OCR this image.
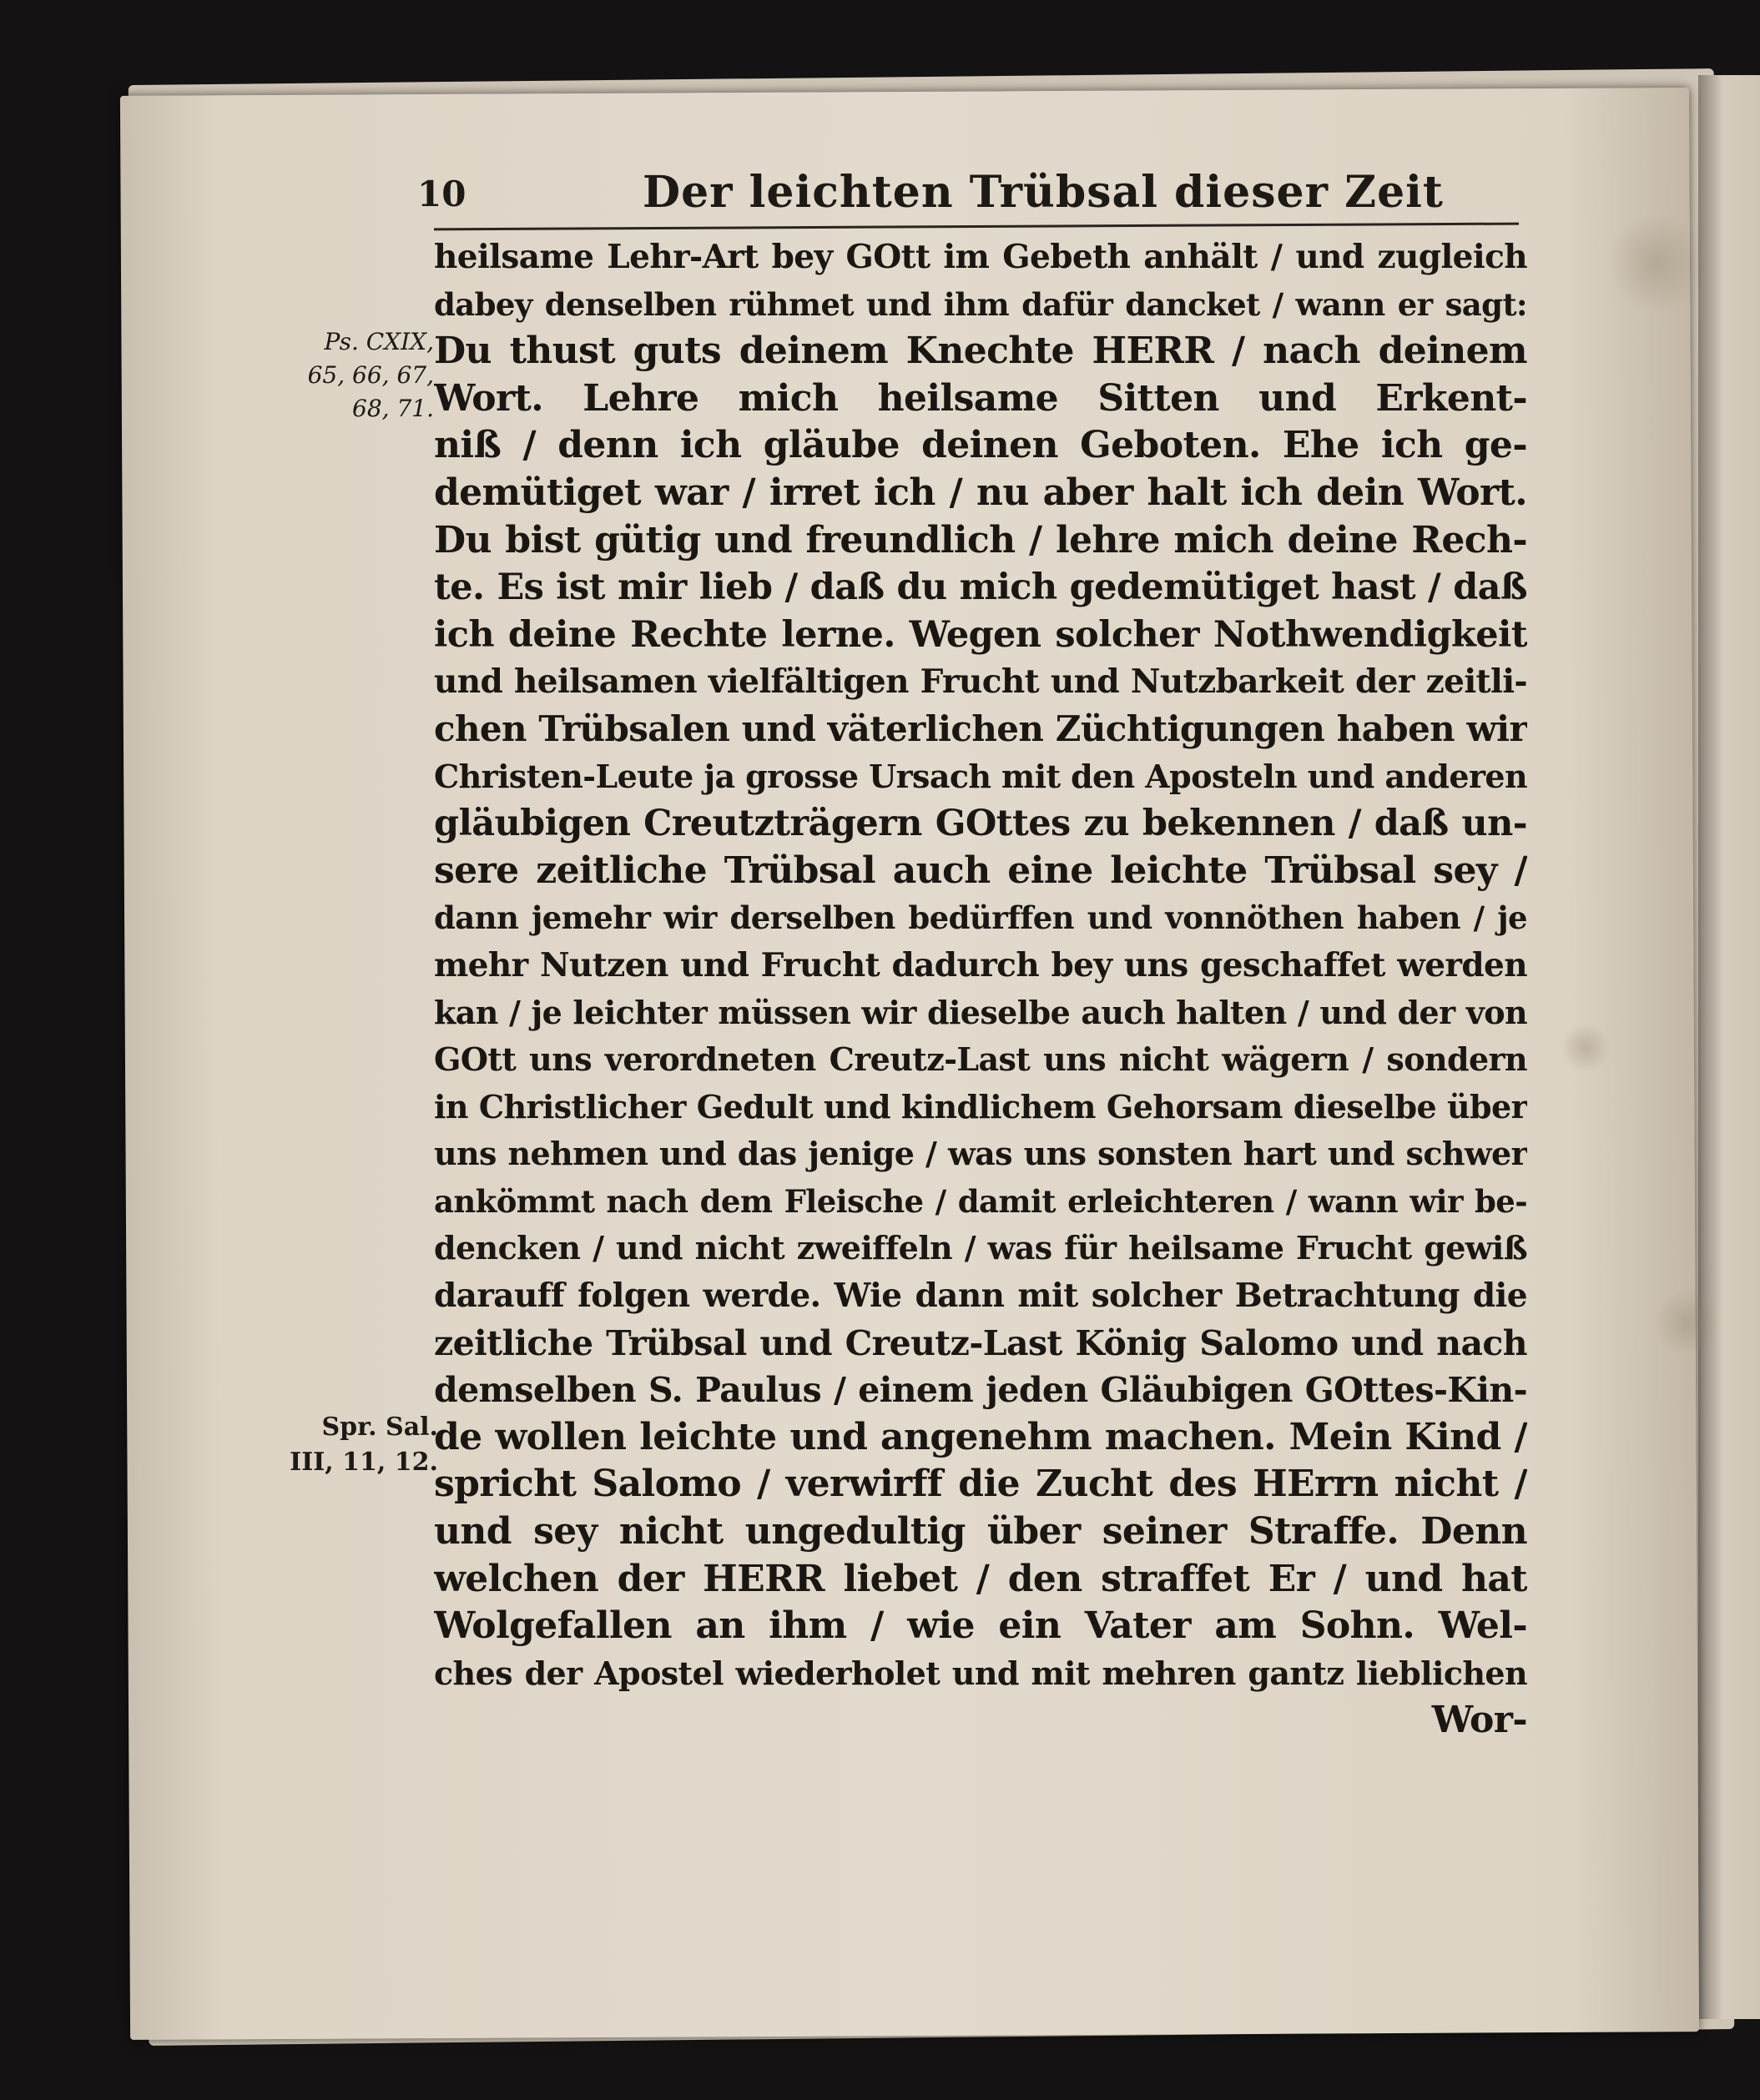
10	Der leichten Trübsal dieser Zeit
Ps. CXIX,
65, 66, 67,
68, 71.
Spr. Sal.
III, 11, 12.
heilsame Lehr-Art bey GOtt im Gebeth anhält / und zugleich
dabey denselben rühmet und ihm dafür dancket / wann er sagt:
Du thust guts deinem Knechte HERR / nach deinem
Wort. Lehre mich heilsame Sitten und Erkent-
niß / denn ich gläube deinen Geboten. Ehe ich ge-
demütiget war / irret ich / nu aber halt ich dein Wort.
Du bist gütig und freundlich / lehre mich deine Rech-
te. Es ist mir lieb / daß du mich gedemütiget hast / daß
ich deine Rechte lerne. Wegen solcher Nothwendigkeit
und heilsamen vielfältigen Frucht und Nutzbarkeit der zeitli-
chen Trübsalen und väterlichen Züchtigungen haben wir
Christen-Leute ja grosse Ursach mit den Aposteln und anderen
gläubigen Creutzträgern GOttes zu bekennen / daß un-
sere zeitliche Trübsal auch eine leichte Trübsal sey /
dann jemehr wir derselben bedürffen und vonnöthen haben / je
mehr Nutzen und Frucht dadurch bey uns geschaffet werden
kan / je leichter müssen wir dieselbe auch halten / und der von
GOtt uns verordneten Creutz-Last uns nicht wägern / sondern
in Christlicher Gedult und kindlichem Gehorsam dieselbe über
uns nehmen und das jenige / was uns sonsten hart und schwer
ankömmt nach dem Fleische / damit erleichteren / wann wir be-
dencken / und nicht zweiffeln / was für heilsame Frucht gewiß
darauff folgen werde. Wie dann mit solcher Betrachtung die
zeitliche Trübsal und Creutz-Last König Salomo und nach
demselben S. Paulus / einem jeden Gläubigen GOttes-Kin-
de wollen leichte und angenehm machen. Mein Kind /
spricht Salomo / verwirff die Zucht des HErrn nicht /
und sey nicht ungedultig über seiner Straffe. Denn
welchen der HERR liebet / den straffet Er / und hat
Wolgefallen an ihm / wie ein Vater am Sohn. Wel-
ches der Apostel wiederholet und mit mehren gantz lieblichen
Wor-
